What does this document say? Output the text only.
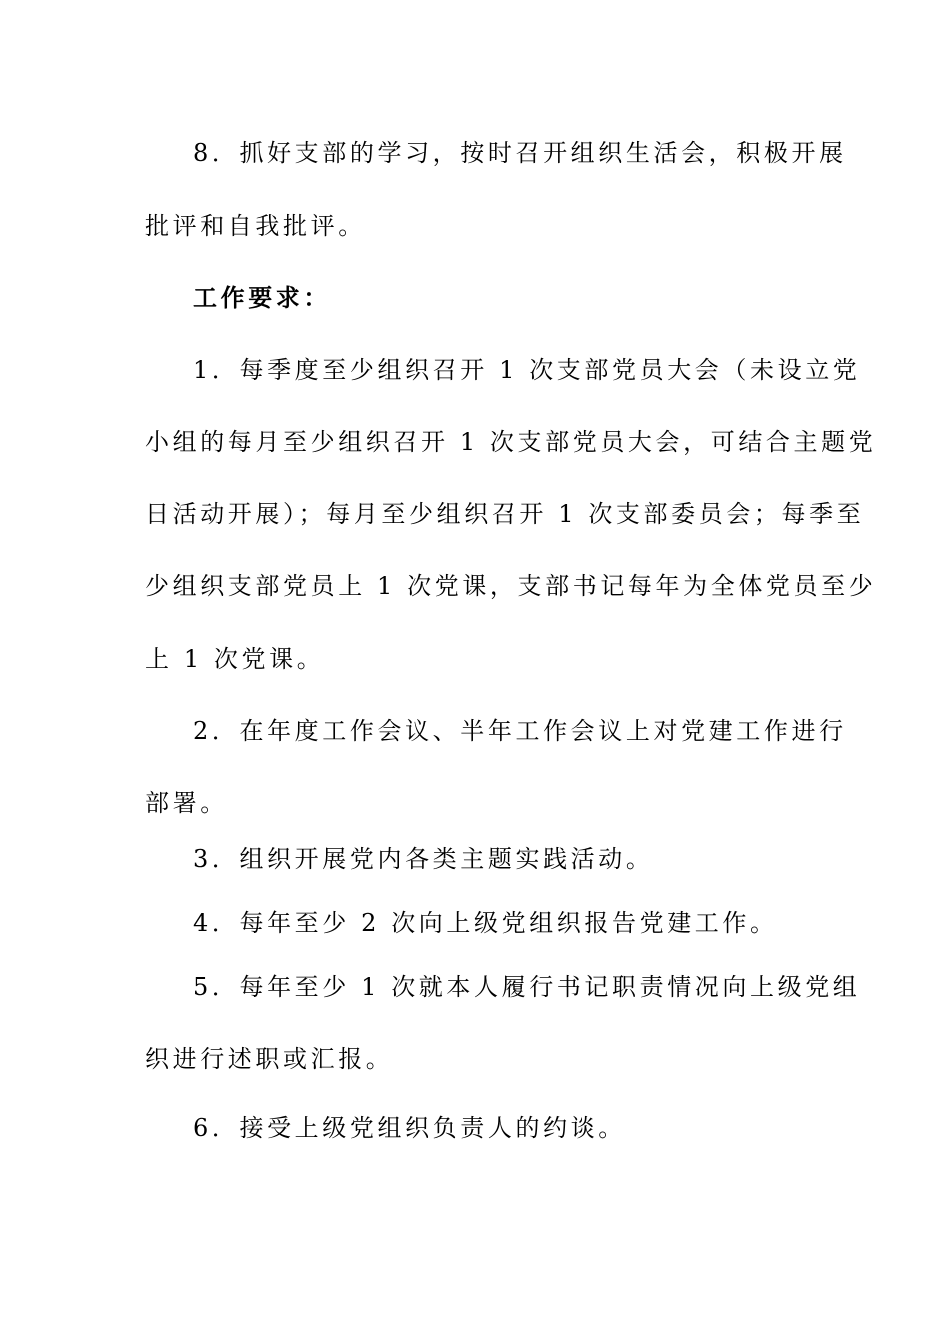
8．抓好支部的学习，按时召开组织生活会，积极开展

批评和自我批评。

工作要求：

1．每季度至少组织召开 1 次支部党员大会（未设立党

小组的每月至少组织召开 1 次支部党员大会，可结合主题党

日活动开展）；每月至少组织召开 1 次支部委员会；每季至

少组织支部党员上 1 次党课，支部书记每年为全体党员至少

上 1 次党课。

2．在年度工作会议、半年工作会议上对党建工作进行

部署。

3．组织开展党内各类主题实践活动。

4．每年至少 2 次向上级党组织报告党建工作。

5．每年至少 1 次就本人履行书记职责情况向上级党组

织进行述职或汇报。

6．接受上级党组织负责人的约谈。
